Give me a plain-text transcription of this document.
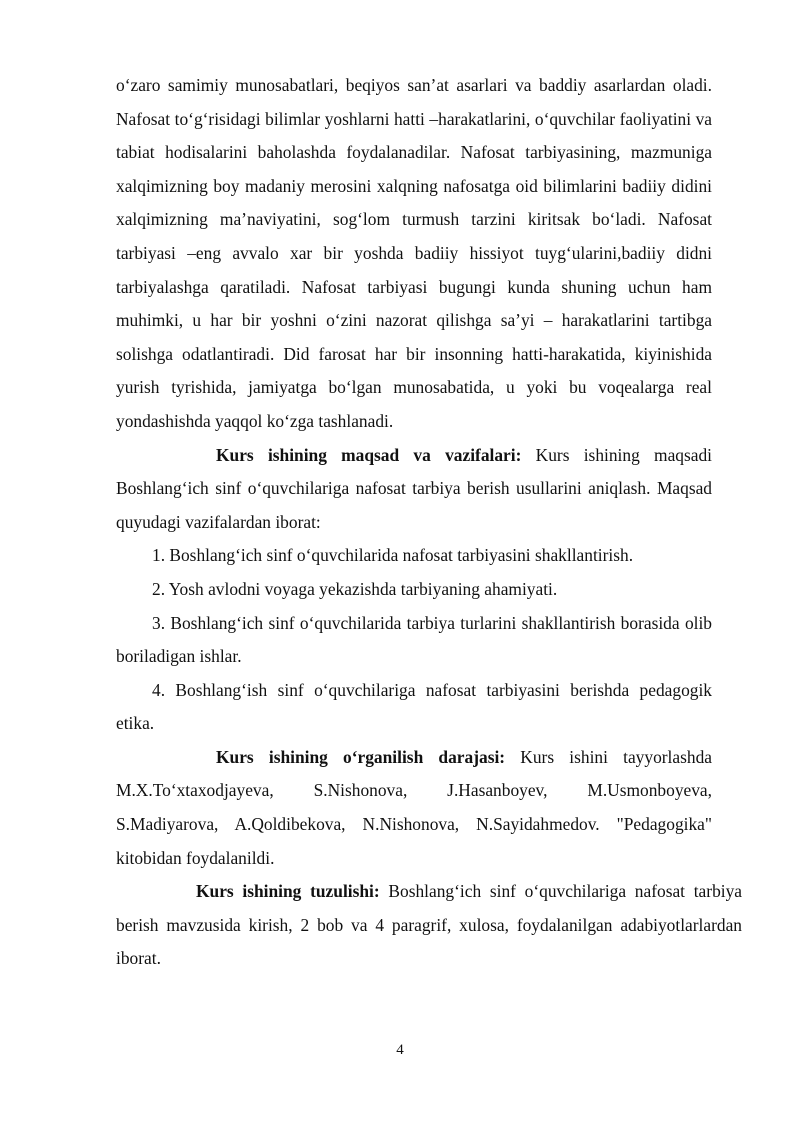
o‘zaro samimiy munosabatlari, beqiyos san’at asarlari va baddiy asarlardan oladi. Nafosat to‘g‘risidagi bilimlar yoshlarni hatti –harakatlarini, o‘quvchilar faoliyatini va tabiat hodisalarini baholashda foydalanadilar. Nafosat tarbiyasining, mazmuniga xalqimizning boy madaniy merosini xalqning nafosatga oid bilimlarini badiiy didini xalqimizning ma’naviyatini, sog‘lom turmush tarzini kiritsak bo‘ladi. Nafosat tarbiyasi –eng avvalo xar bir yoshda badiiy hissiyot tuyg‘ularini,badiiy didni tarbiyalashga qaratiladi. Nafosat tarbiyasi bugungi kunda shuning uchun ham muhimki, u har bir yoshni o‘zini nazorat qilishga sa’yi – harakatlarini tartibga solishga odatlantiradi. Did farosat har bir insonning hatti-harakatida, kiyinishida yurish tyrishida, jamiyatga bo‘lgan munosabatida, u yoki bu voqealarga real yondashishda yaqqol ko‘zga tashlanadi.

Kurs ishining maqsad va vazifalari: Kurs ishining maqsadi Boshlang‘ich sinf o‘quvchilariga nafosat tarbiya berish usullarini aniqlash. Maqsad quyudagi vazifalardan iborat:

1. Boshlang‘ich sinf o‘quvchilarida nafosat tarbiyasini shakllantirish.

2. Yosh avlodni voyaga yekazishda tarbiyaning ahamiyati.

3. Boshlang‘ich sinf o‘quvchilarida tarbiya turlarini shakllantirish borasida olib boriladigan ishlar.

4. Boshlang‘ish sinf o‘quvchilariga nafosat tarbiyasini berishda pedagogik etika.

Kurs ishining o‘rganilish darajasi: Kurs ishini tayyorlashda M.X.To‘xtaxodjayeva, S.Nishonova, J.Hasanboyev, M.Usmonboyeva, S.Madiyarova, A.Qoldibekova, N.Nishonova, N.Sayidahmedov. "Pedagogika" kitobidan foydalanildi.

Kurs ishining tuzulishi: Boshlang‘ich sinf o‘quvchilariga nafosat tarbiya berish mavzusida kirish, 2 bob va 4 paragrif, xulosa, foydalanilgan adabiyotlarlardan iborat.

4
